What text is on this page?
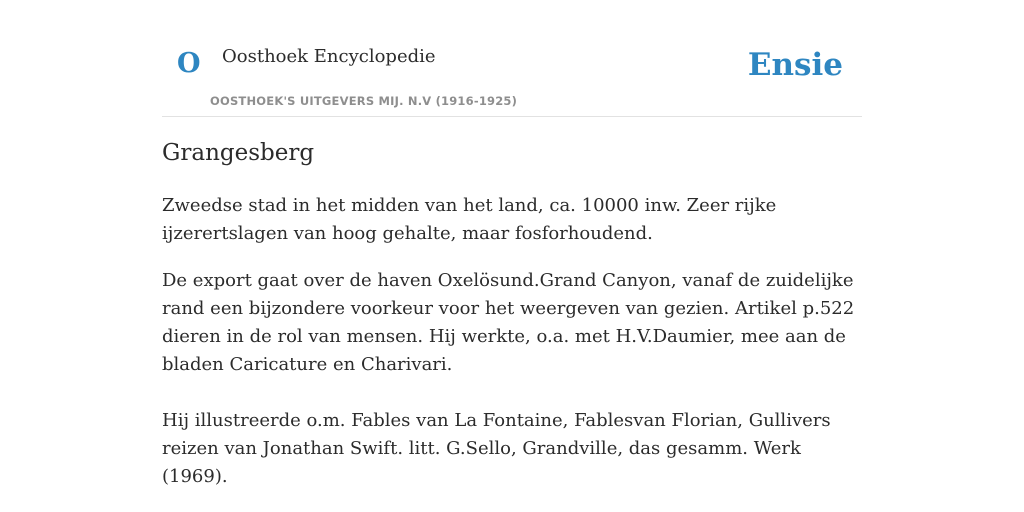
O Oosthoek Encyclopedie
OOSTHOEK'S UITGEVERS MIJ. N.V (1916-1925)
Ensie
Grangesberg

Zweedse stad in het midden van het land, ca. 10000 inw. Zeer rijke ijzerertslagen van hoog gehalte, maar fosforhoudend.

De export gaat over de haven Oxelösund.Grand Canyon, vanaf de zuidelijke rand een bijzondere voorkeur voor het weergeven van gezien. Artikel p.522 dieren in de rol van mensen. Hij werkte, o.a. met H.V.Daumier, mee aan de bladen Caricature en Charivari.

Hij illustreerde o.m. Fables van La Fontaine, Fablesvan Florian, Gullivers reizen van Jonathan Swift. litt. G.Sello, Grandville, das gesamm. Werk (1969).
